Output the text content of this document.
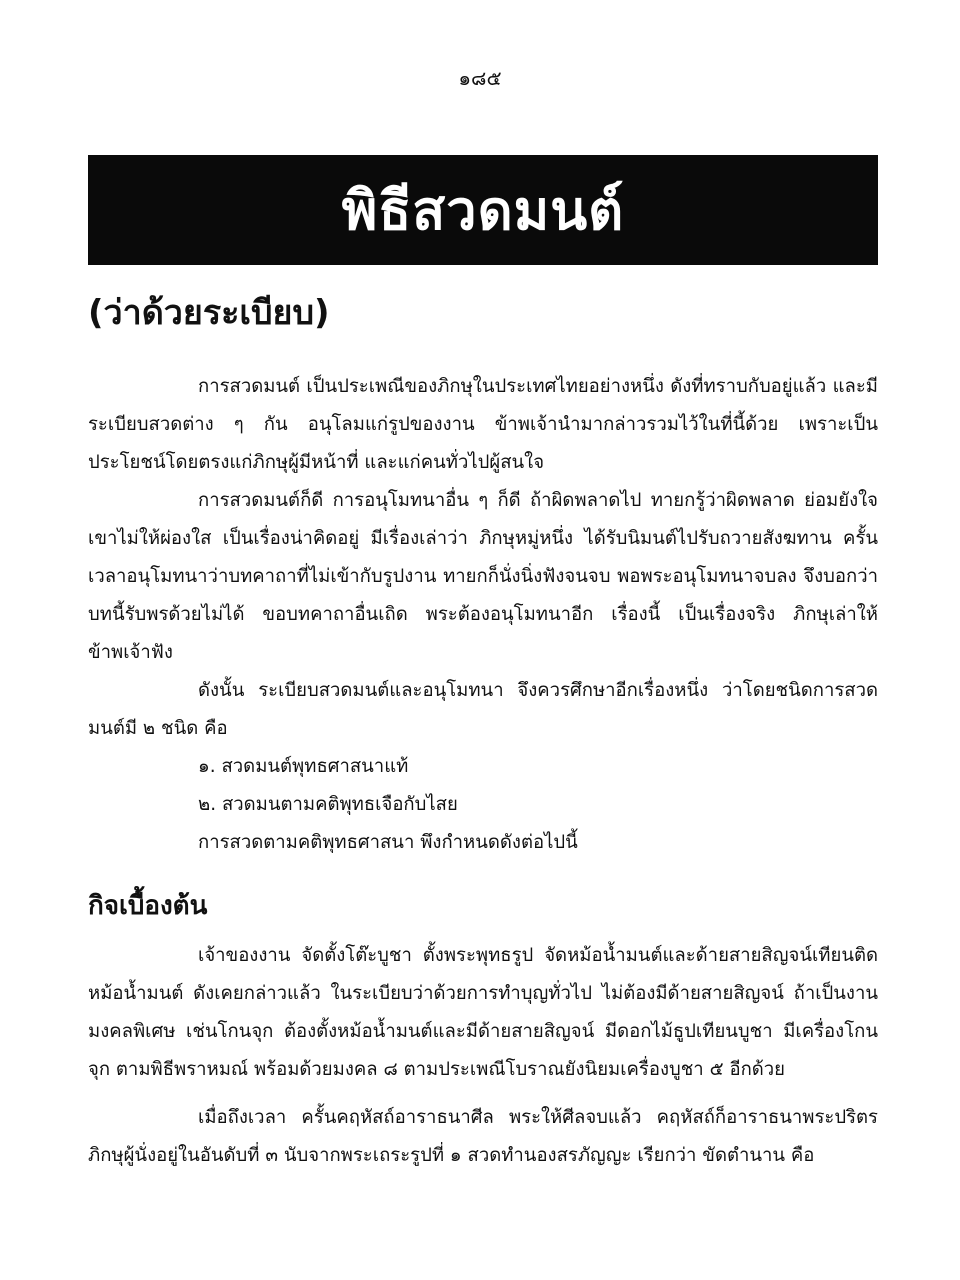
๑๘๕
พิธีสวดมนต์
(ว่าด้วยระเบียบ)

การสวดมนต์ เป็นประเพณีของภิกษุในประเทศไทยอย่างหนึ่ง ดังที่ทราบกับอยู่แล้ว และมีระเบียบสวดต่าง ๆ กัน อนุโลมแก่รูปของงาน ข้าพเจ้านำมากล่าวรวมไว้ในที่นี้ด้วย เพราะเป็นประโยชน์โดยตรงแก่ภิกษุผู้มีหน้าที่ และแก่คนทั่วไปผู้สนใจ

การสวดมนต์ก็ดี การอนุโมทนาอื่น ๆ ก็ดี ถ้าผิดพลาดไป ทายกรู้ว่าผิดพลาด ย่อมยังใจเขาไม่ให้ผ่องใส เป็นเรื่องน่าคิดอยู่ มีเรื่องเล่าว่า ภิกษุหมู่หนึ่ง ได้รับนิมนต์ไปรับถวายสังฆทาน ครั้นเวลาอนุโมทนาว่าบทคาถาที่ไม่เข้ากับรูปงาน ทายกก็นั่งนิ่งฟังจนจบ พอพระอนุโมทนาจบลง จึงบอกว่า บทนี้รับพรด้วยไม่ได้ ขอบทคาถาอื่นเถิด พระต้องอนุโมทนาอีก เรื่องนี้ เป็นเรื่องจริง ภิกษุเล่าให้ข้าพเจ้าฟัง

ดังนั้น ระเบียบสวดมนต์และอนุโมทนา จึงควรศึกษาอีกเรื่องหนึ่ง ว่าโดยชนิดการสวดมนต์มี ๒ ชนิด คือ

๑. สวดมนต์พุทธศาสนาแท้
๒. สวดมนตามคติพุทธเจือกับไสย

การสวดตามคติพุทธศาสนา พึงกำหนดดังต่อไปนี้

กิจเบื้องต้น

เจ้าของงาน จัดตั้งโต๊ะบูชา ตั้งพระพุทธรูป จัดหม้อน้ำมนต์และด้ายสายสิญจน์เทียนติดหม้อน้ำมนต์ ดังเคยกล่าวแล้ว ในระเบียบว่าด้วยการทำบุญทั่วไป ไม่ต้องมีด้ายสายสิญจน์ ถ้าเป็นงานมงคลพิเศษ เช่นโกนจุก ต้องตั้งหม้อน้ำมนต์และมีด้ายสายสิญจน์ มีดอกไม้ธูปเทียนบูชา มีเครื่องโกนจุก ตามพิธีพราหมณ์ พร้อมด้วยมงคล ๘ ตามประเพณีโบราณยังนิยมเครื่องบูชา ๕ อีกด้วย

เมื่อถึงเวลา ครั้นคฤหัสถ์อาราธนาศีล พระให้ศีลจบแล้ว คฤหัสถ์ก็อาราธนาพระปริตร ภิกษุผู้นั่งอยู่ในอันดับที่ ๓ นับจากพระเถระรูปที่ ๑ สวดทำนองสรภัญญะ เรียกว่า ขัดตำนาน คือ
